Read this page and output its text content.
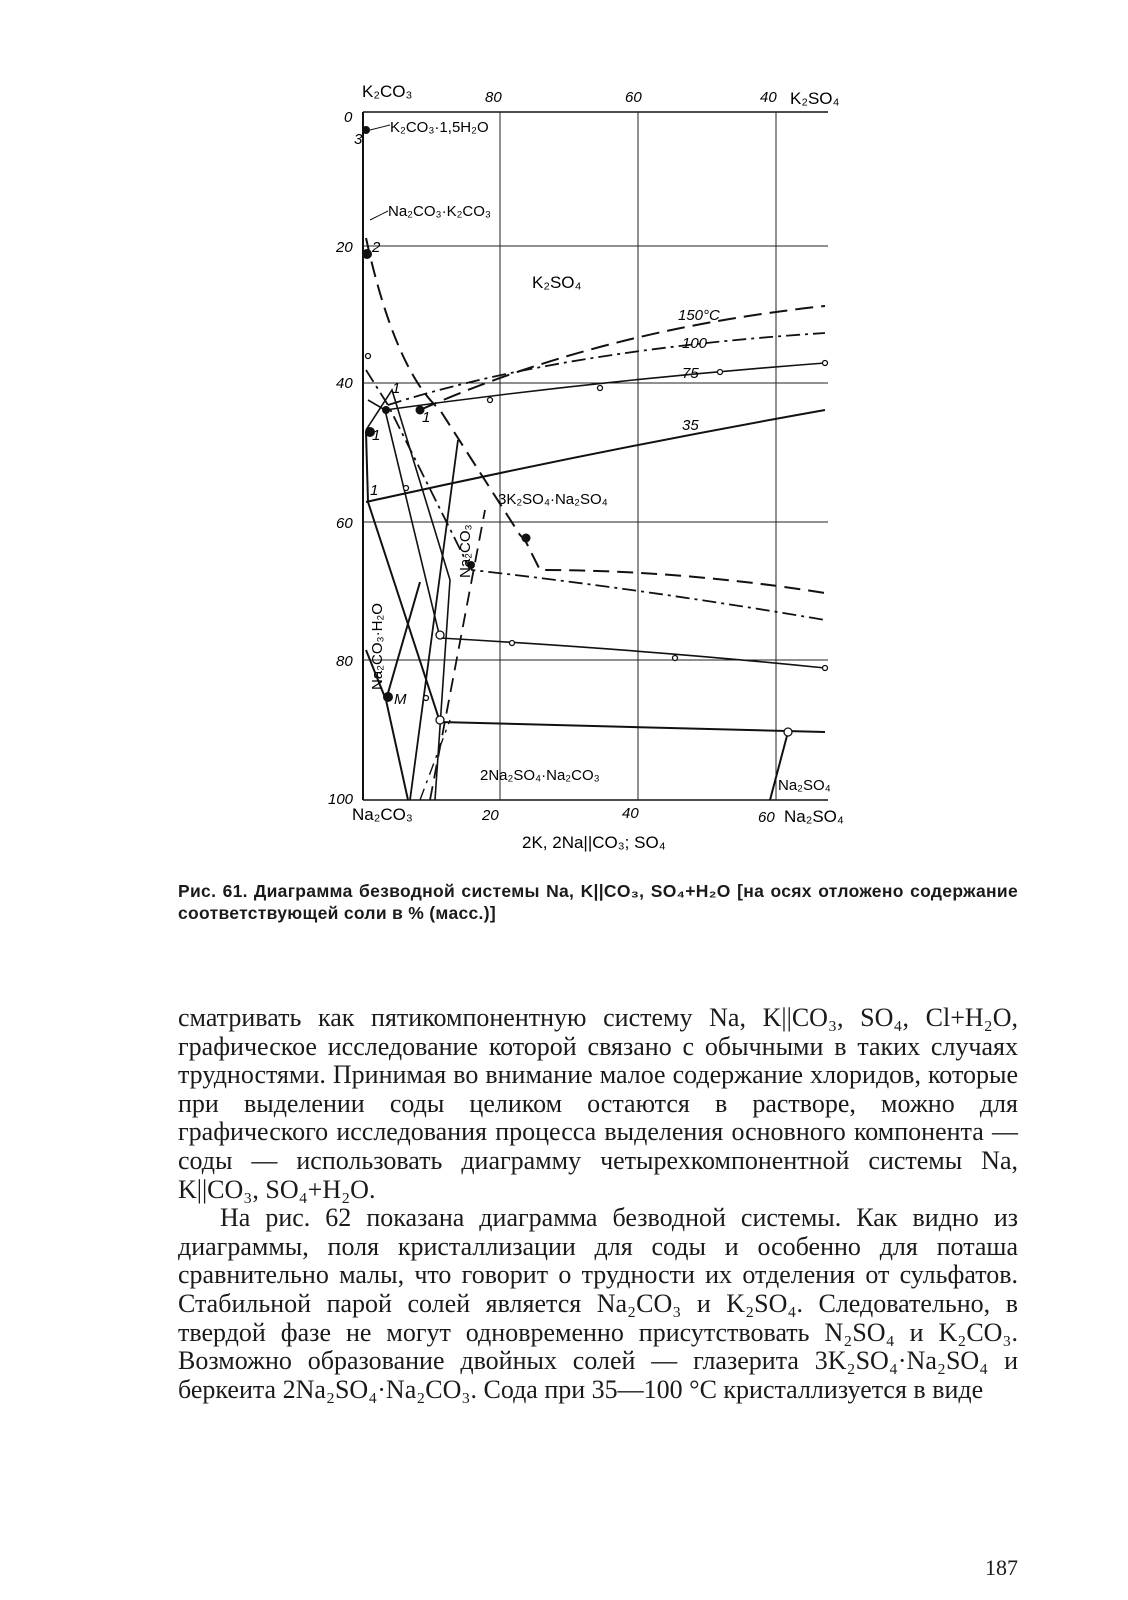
K₂CO₃	K₂SO₄
Na₂CO₃	Na₂SO₄
2K, 2Na||CO₃; SO₄
80	60	40
20	40	60
0
20
40
60
80
100
K₂CO₃·1,5H₂O
Na₂CO₃·K₂CO₃
K₂SO₄
3K₂SO₄·Na₂SO₄
2Na₂SO₄·Na₂CO₃
Na₂SO₄
Na₂CO₃
Na₂CO₃·H₂O
150°C
100
75
35
3
2
1
1
1
1
M

Рис. 61. Диаграмма безводной системы Na, K||CO₃, SO₄+H₂O [на осях отложено содержание соответствующей соли в % (масс.)]

сматривать как пятикомпонентную систему Na, K||CO₃, SO₄, Cl+H₂O, графическое исследование которой связано с обычными в таких случаях трудностями. Принимая во внимание малое содержание хлоридов, которые при выделении соды целиком остаются в растворе, можно для графического исследования процесса выделения основного компонента — соды — использовать диаграмму четырехкомпонентной системы Na, K||CO₃, SO₄+H₂O.

На рис. 62 показана диаграмма безводной системы. Как видно из диаграммы, поля кристаллизации для соды и особенно для поташа сравнительно малы, что говорит о трудности их отделения от сульфатов. Стабильной парой солей является Na₂CO₃ и K₂SO₄. Следовательно, в твердой фазе не могут одновременно присутствовать N₂SO₄ и K₂CO₃. Возможно образование двойных солей — глазерита 3K₂SO₄·Na₂SO₄ и беркеита 2Na₂SO₄·Na₂CO₃. Сода при 35—100 °C кристаллизуется в виде

187
